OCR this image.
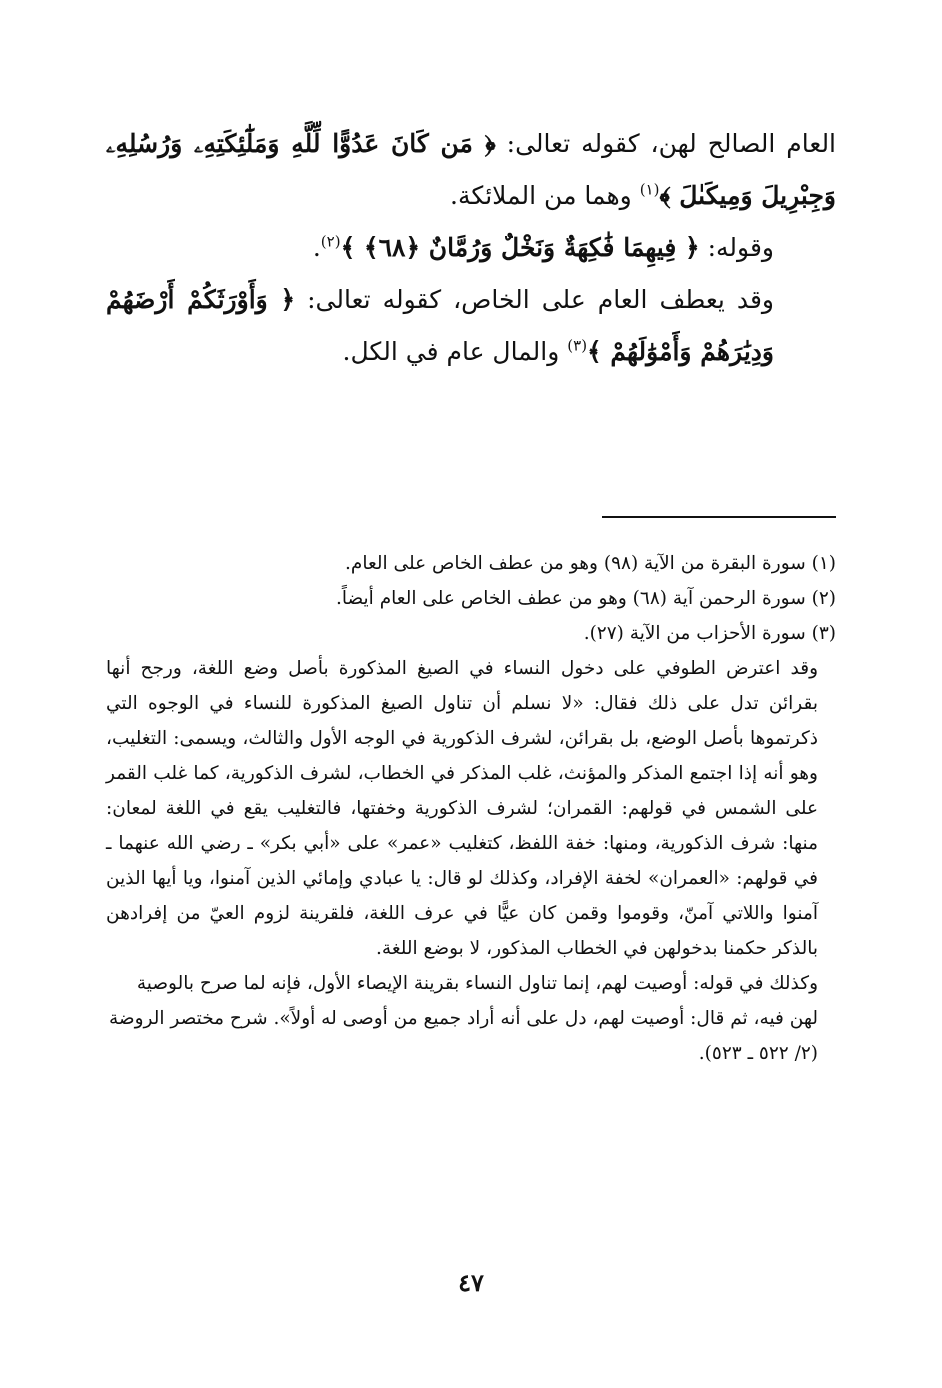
العام الصالح لهن، كقوله تعالى: ﴿ مَن كَانَ عَدُوًّا لِّلَّهِ وَمَلَٰٓئِكَتِهِۦ وَرُسُلِهِۦ وَجِبْرِيلَ وَمِيكَىٰلَ ﴾$^{(١)}$ وهما من الملائكة.

وقوله: ﴿ فِيهِمَا فَٰكِهَةٌ وَنَخْلٌ وَرُمَّانٌ ﴿٦٨﴾ ﴾$^{(٢)}$.

وقد يعطف العام على الخاص، كقوله تعالى: ﴿ وَأَوْرَثَكُمْ أَرْضَهُمْ وَدِيَٰرَهُمْ وَأَمْوَٰلَهُمْ ﴾$^{(٣)}$ والمال عام في الكل.

(١) سورة البقرة من الآية (٩٨) وهو من عطف الخاص على العام.

(٢) سورة الرحمن آية (٦٨) وهو من عطف الخاص على العام أيضاً.

(٣) سورة الأحزاب من الآية (٢٧).

وقد اعترض الطوفي على دخول النساء في الصيغ المذكورة بأصل وضع اللغة، ورجح أنها بقرائن تدل على ذلك فقال: «لا نسلم أن تناول الصيغ المذكورة للنساء في الوجوه التي ذكرتموها بأصل الوضع، بل بقرائن، لشرف الذكورية في الوجه الأول والثالث، ويسمى: التغليب، وهو أنه إذا اجتمع المذكر والمؤنث، غلب المذكر في الخطاب، لشرف الذكورية، كما غلب القمر على الشمس في قولهم: القمران؛ لشرف الذكورية وخفتها، فالتغليب يقع في اللغة لمعان: منها: شرف الذكورية، ومنها: خفة اللفظ، كتغليب «عمر» على «أبي بكر» ـ رضي الله عنهما ـ في قولهم: «العمران» لخفة الإفراد، وكذلك لو قال: يا عبادي وإمائي الذين آمنوا، ويا أيها الذين آمنوا واللاتي آمنّ، وقوموا وقمن كان عيًّا في عرف اللغة، فلقرينة لزوم العيّ من إفرادهن بالذكر حكمنا بدخولهن في الخطاب المذكور، لا بوضع اللغة.

وكذلك في قوله: أوصيت لهم، إنما تناول النساء بقرينة الإيصاء الأول، فإنه لما صرح بالوصية لهن فيه، ثم قال: أوصيت لهم، دل على أنه أراد جميع من أوصى له أولاً». شرح مختصر الروضة (٢/ ٥٢٢ ـ ٥٢٣).

٤٧
